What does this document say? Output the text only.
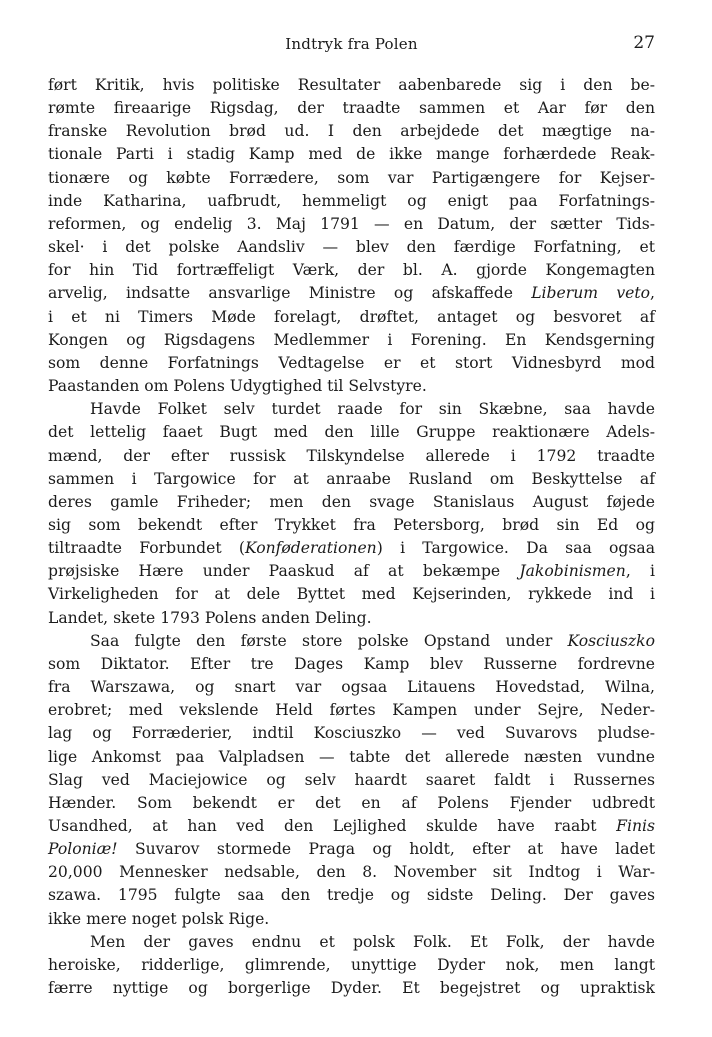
Indtryk fra Polen	27
ført Kritik, hvis politiske Resultater aabenbarede sig i den be-
rømte fireaarige Rigsdag, der traadte sammen et Aar før den
franske Revolution brød ud. I den arbejdede det mægtige na-
tionale Parti i stadig Kamp med de ikke mange forhærdede Reak-
tionære og købte Forrædere, som var Partigængere for Kejser-
inde Katharina, uafbrudt, hemmeligt og enigt paa Forfatnings-
reformen, og endelig 3. Maj 1791 — en Datum, der sætter Tids-
skel· i det polske Aandsliv — blev den færdige Forfatning, et
for hin Tid fortræffeligt Værk, der bl. A. gjorde Kongemagten
arvelig, indsatte ansvarlige Ministre og afskaffede Liberum veto,
i et ni Timers Møde forelagt, drøftet, antaget og besvoret af
Kongen og Rigsdagens Medlemmer i Forening. En Kendsgerning
som denne Forfatnings Vedtagelse er et stort Vidnesbyrd mod
Paastanden om Polens Udygtighed til Selvstyre.
Havde Folket selv turdet raade for sin Skæbne, saa havde
det lettelig faaet Bugt med den lille Gruppe reaktionære Adels-
mænd, der efter russisk Tilskyndelse allerede i 1792 traadte
sammen i Targowice for at anraabe Rusland om Beskyttelse af
deres gamle Friheder; men den svage Stanislaus August føjede
sig som bekendt efter Trykket fra Petersborg, brød sin Ed og
tiltraadte Forbundet (Konføderationen) i Targowice. Da saa ogsaa
prøjsiske Hære under Paaskud af at bekæmpe Jakobinismen, i
Virkeligheden for at dele Byttet med Kejserinden, rykkede ind i
Landet, skete 1793 Polens anden Deling.
Saa fulgte den første store polske Opstand under Kosciuszko
som Diktator. Efter tre Dages Kamp blev Russerne fordrevne
fra Warszawa, og snart var ogsaa Litauens Hovedstad, Wilna,
erobret; med vekslende Held førtes Kampen under Sejre, Neder-
lag og Forræderier, indtil Kosciuszko — ved Suvarovs pludse-
lige Ankomst paa Valpladsen — tabte det allerede næsten vundne
Slag ved Maciejowice og selv haardt saaret faldt i Russernes
Hænder. Som bekendt er det en af Polens Fjender udbredt
Usandhed, at han ved den Lejlighed skulde have raabt Finis
Poloniæ! Suvarov stormede Praga og holdt, efter at have ladet
20,000 Mennesker nedsable, den 8. November sit Indtog i War-
szawa. 1795 fulgte saa den tredje og sidste Deling. Der gaves
ikke mere noget polsk Rige.
Men der gaves endnu et polsk Folk. Et Folk, der havde
heroiske, ridderlige, glimrende, unyttige Dyder nok, men langt
færre nyttige og borgerlige Dyder. Et begejstret og upraktisk
